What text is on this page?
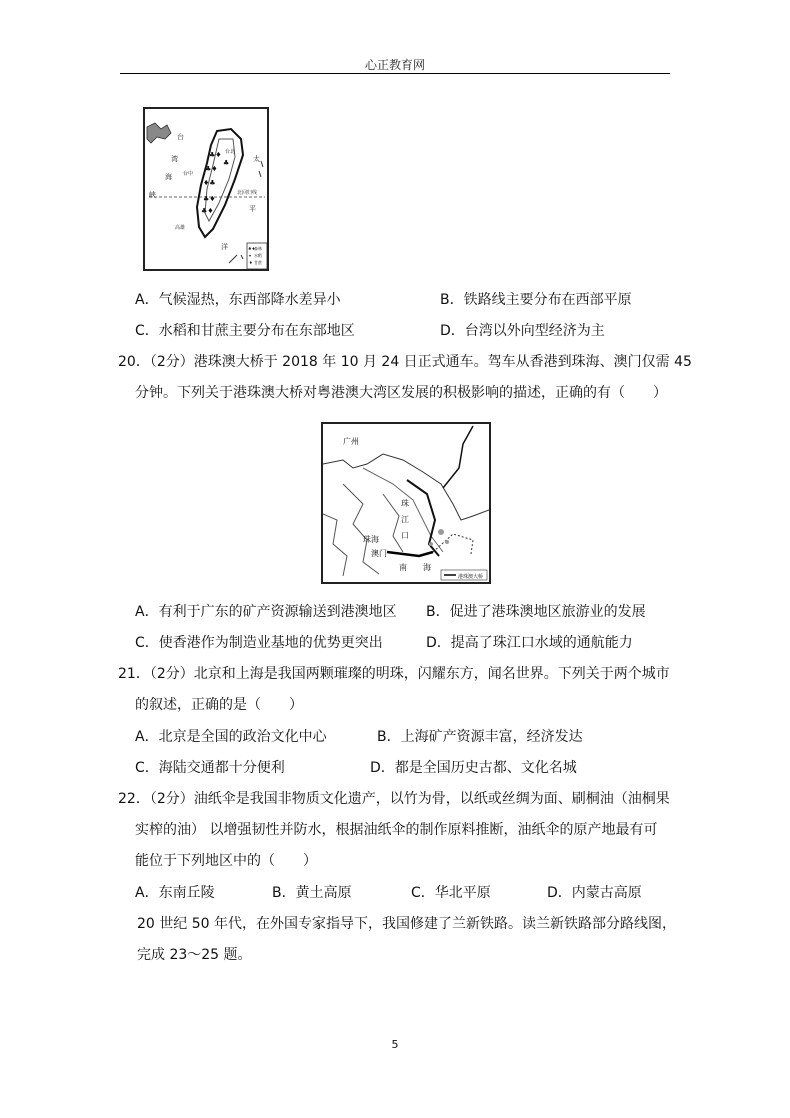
心正教育网
♣♦
♣♦
♦♣
♣♦
♣♦
♣
台
湾
海
峡
太
平
洋
北回归线
台北
台中
高雄
♣♦
森林
▾ 水稻
♦ 甘蔗
A．气候湿热，东西部降水差异小	B．铁路线主要分布在西部平原
C．水稻和甘蔗主要分布在东部地区	D．台湾以外向型经济为主
20．（2分）港珠澳大桥于 2018 年 10 月 24 日正式通车。驾车从香港到珠海、澳门仅需 45
分钟。下列关于港珠澳大桥对粤港澳大湾区发展的积极影响的描述，正确的有（　　）
广州
珠
江
口
珠海
澳门
南 海
港珠澳大桥
A．有利于广东的矿产资源输送到港澳地区 B．促进了港珠澳地区旅游业的发展
C．使香港作为制造业基地的优势更突出	D．提高了珠江口水域的通航能力
21．（2分）北京和上海是我国两颗璀璨的明珠，闪耀东方，闻名世界。下列关于两个城市
的叙述，正确的是（　　）
A．北京是全国的政治文化中心	B．上海矿产资源丰富，经济发达
C．海陆交通都十分便利	D．都是全国历史古都、文化名城
22．（2分）油纸伞是我国非物质文化遗产，以竹为骨，以纸或丝绸为面、刷桐油（油桐果
实榨的油） 以增强韧性并防水，根据油纸伞的制作原料推断，油纸伞的原产地最有可
能位于下列地区中的（　　）
A．东南丘陵	B．黄土高原	C．华北平原	D．内蒙古高原
20 世纪 50 年代，在外国专家指导下，我国修建了兰新铁路。读兰新铁路部分路线图，
完成 23～25 题。
5
